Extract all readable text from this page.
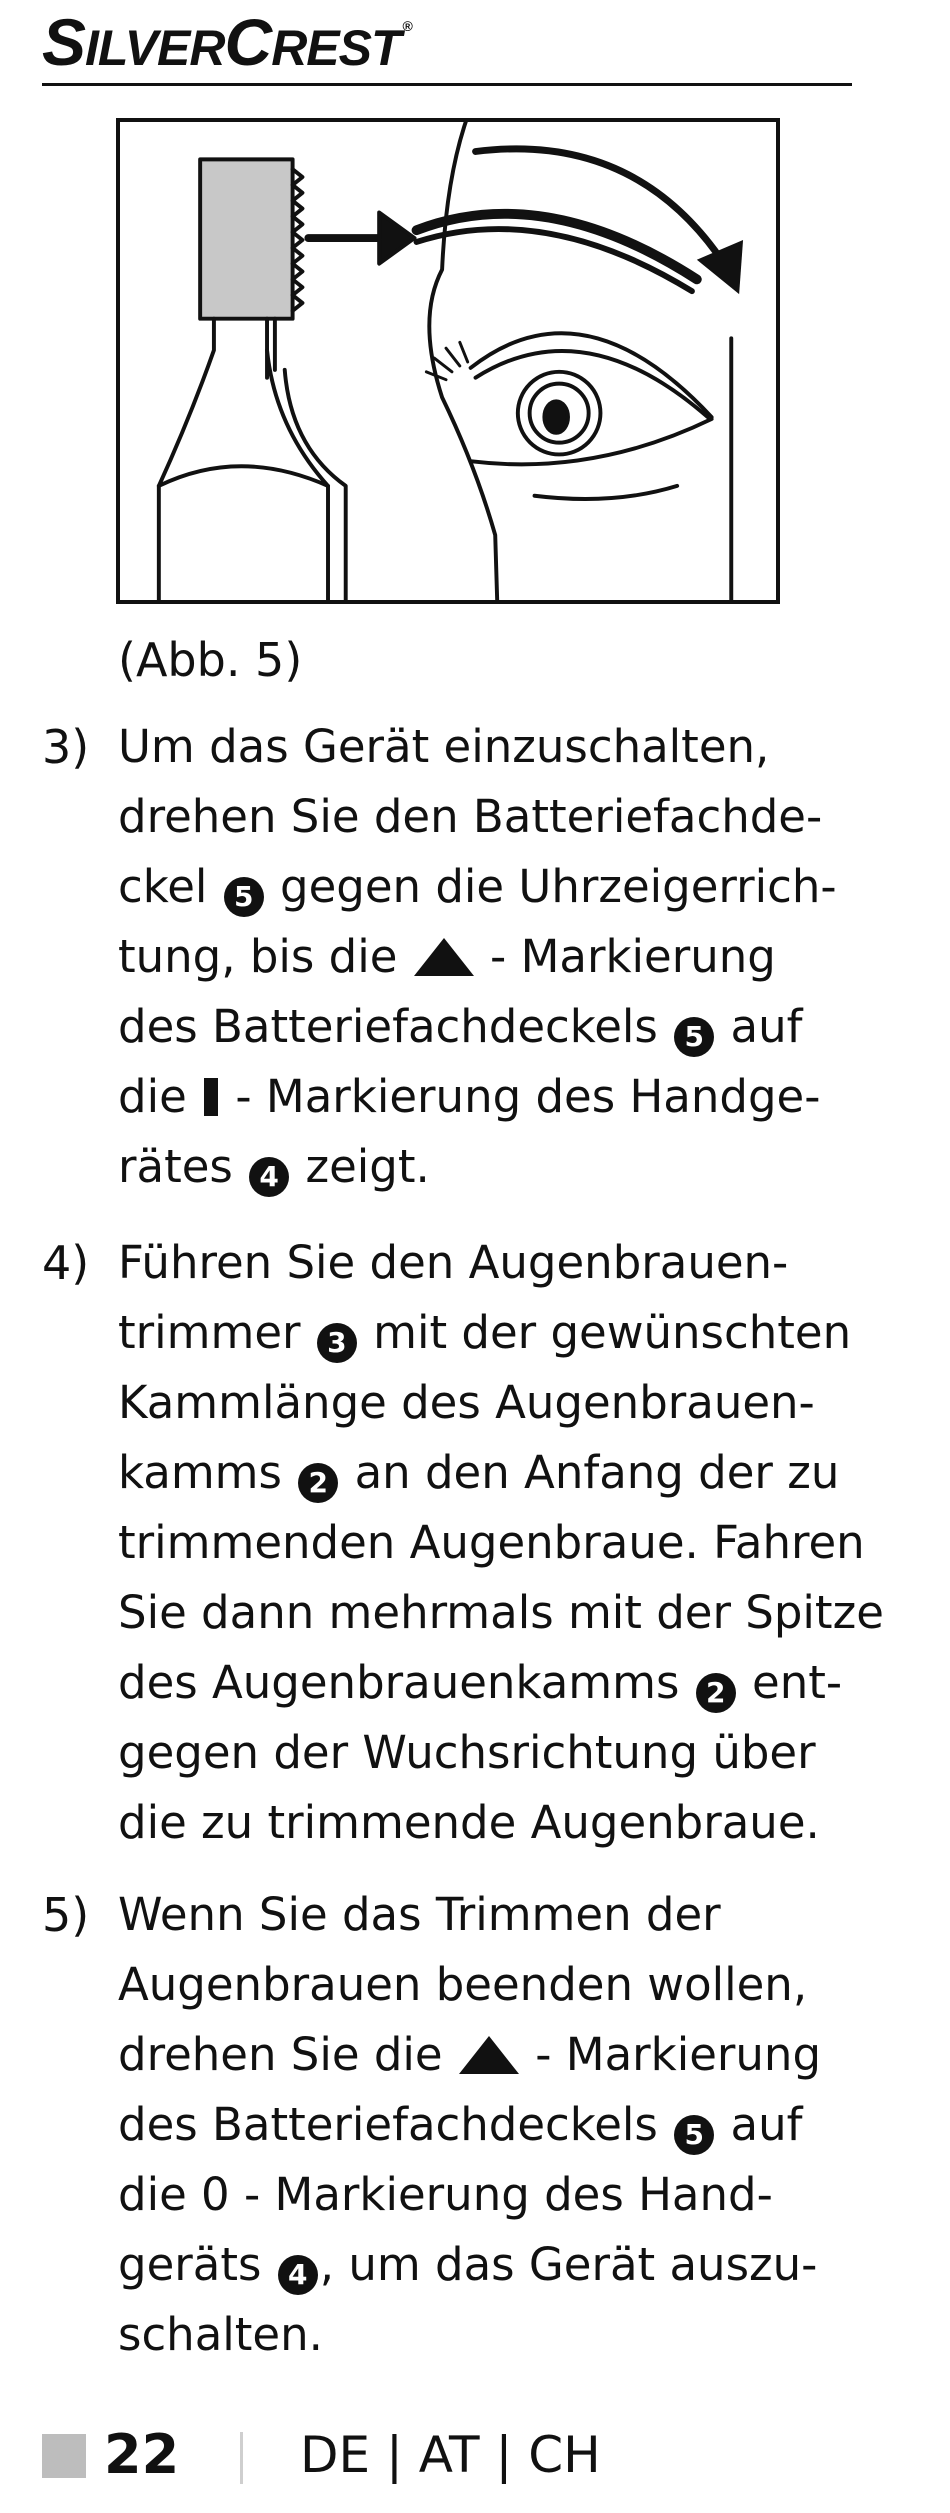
SILVERCREST ®
(Abb. 5)
3) Um das Gerät einzuschalten,
drehen Sie den Batteriefachde-
ckel 5 gegen die Uhrzeigerrich-
tung, bis die  - Markierung
des Batteriefachdeckels 5 auf
die  - Markierung des Handge-
rätes 4 zeigt.
4) Führen Sie den Augenbrauen-
trimmer 3 mit der gewünschten
Kammlänge des Augenbrauen-
kamms 2 an den Anfang der zu
trimmenden Augenbraue. Fahren
Sie dann mehrmals mit der Spitze
des Augenbrauenkamms 2 ent-
gegen der Wuchsrichtung über
die zu trimmende Augenbraue.
5) Wenn Sie das Trimmen der
Augenbrauen beenden wollen,
drehen Sie die  - Markierung
des Batteriefachdeckels 5 auf
die 0 - Markierung des Hand-
geräts 4 , um das Gerät auszu-
schalten.
22 DE | AT | CH
